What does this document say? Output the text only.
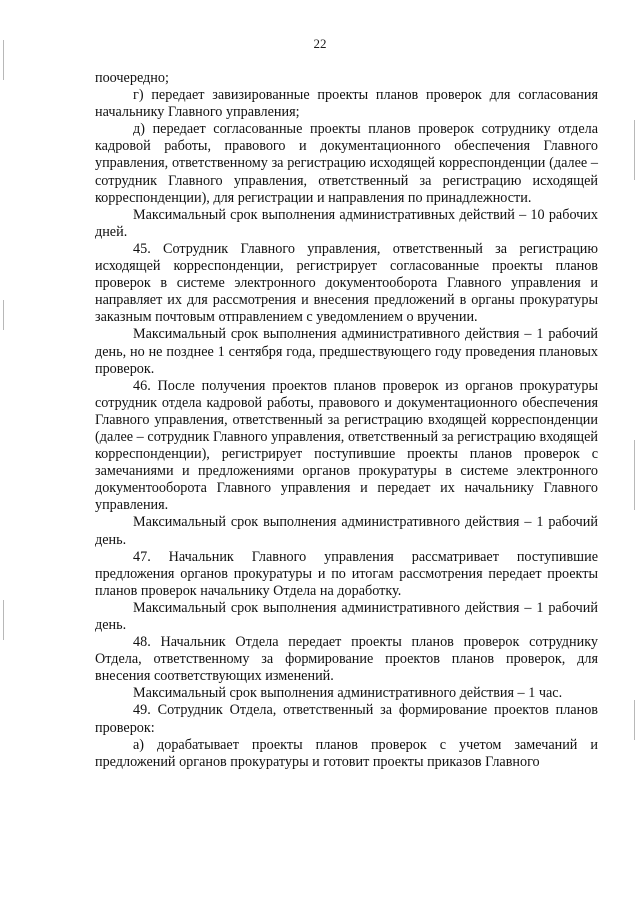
22

поочередно;

г) передает завизированные проекты планов проверок для согласования начальнику Главного управления;

д) передает согласованные проекты планов проверок сотруднику отдела кадровой работы, правового и документационного обеспечения Главного управления, ответственному за регистрацию исходящей корреспонденции (далее – сотрудник Главного управления, ответственный за регистрацию исходящей корреспонденции), для регистрации и направления по принадлежности.

Максимальный срок выполнения административных действий – 10 рабочих дней.

45. Сотрудник Главного управления, ответственный за регистрацию исходящей корреспонденции, регистрирует согласованные проекты планов проверок в системе электронного документооборота Главного управления и направляет их для рассмотрения и внесения предложений в органы прокуратуры заказным почтовым отправлением с уведомлением о вручении.

Максимальный срок выполнения административного действия – 1 рабочий день, но не позднее 1 сентября года, предшествующего году проведения плановых проверок.

46. После получения проектов планов проверок из органов прокуратуры сотрудник отдела кадровой работы, правового и документационного обеспечения Главного управления, ответственный за регистрацию входящей корреспонденции (далее – сотрудник Главного управления, ответственный за регистрацию входящей корреспонденции), регистрирует поступившие проекты планов проверок с замечаниями и предложениями органов прокуратуры в системе электронного документооборота Главного управления и передает их начальнику Главного управления.

Максимальный срок выполнения административного действия – 1 рабочий день.

47. Начальник Главного управления рассматривает поступившие предложения органов прокуратуры и по итогам рассмотрения передает проекты планов проверок начальнику Отдела на доработку.

Максимальный срок выполнения административного действия – 1 рабочий день.

48. Начальник Отдела передает проекты планов проверок сотруднику Отдела, ответственному за формирование проектов планов проверок, для внесения соответствующих изменений.

Максимальный срок выполнения административного действия – 1 час.

49. Сотрудник Отдела, ответственный за формирование проектов планов проверок:

а) дорабатывает проекты планов проверок с учетом замечаний и предложений органов прокуратуры и готовит проекты приказов Главного
